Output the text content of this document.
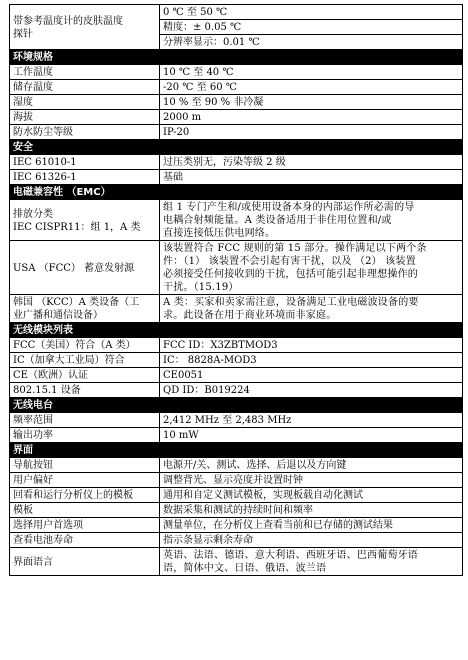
带参考温度计的皮肤温度
探针	0 ℃ 至 50 ℃
精度：± 0.05 ℃
分辨率显示：0.01 ℃

环境规格	

工作温度	10 ℃ 至 40 ℃

储存温度	-20 ℃ 至 60 ℃

湿度	10 % 至 90 % 非冷凝

海拔	2000 m

防水防尘等级	IP-20

安全	

IEC 61010-1	过压类别无，污染等级 2 级

IEC 61326-1	基础

电磁兼容性 （EMC）	

排放分类
IEC CISPR11：组 1，A 类	组 1 专门产生和/或使用设备本身的内部运作所必需的导
电耦合射频能量。A 类设备适用于非住用位置和/或
直接连接低压供电网络。

USA （FCC） 蓄意发射源	该装置符合 FCC 规则的第 15 部分。操作满足以下两个条
件：（1） 该装置不会引起有害干扰，以及 （2） 该装置
必须接受任何接收到的干扰，包括可能引起非理想操作的
干扰。（15.19）

韩国 （KCC）A 类设备（工
业广播和通信设备）	A 类：买家和卖家需注意，设备满足工业电磁波设备的要
求。此设备在用于商业环境而非家庭。

无线模块列表	

FCC（美国）符合（A 类）	FCC ID：X3ZBTMOD3

IC（加拿大工业局）符合	IC： 8828A-MOD3

CE（欧洲）认证	CE0051

802.15.1 设备	QD ID：B019224

无线电台	

频率范围	2,412 MHz 至 2,483 MHz

输出功率	10 mW

界面	

导航按钮	电源开/关、测试、选择、后退以及方向键

用户偏好	调整背光、显示亮度并设置时钟

回看和运行分析仪上的模板	通用和自定义测试模板，实现板载自动化测试

模板	数据采集和测试的持续时间和频率

选择用户首选项	测量单位，在分析仪上查看当前和已存储的测试结果

查看电池寿命	指示条显示剩余寿命

界面语言	英语、法语、德语、意大利语、西班牙语、巴西葡萄牙语
语，简体中文、日语、俄语、波兰语
